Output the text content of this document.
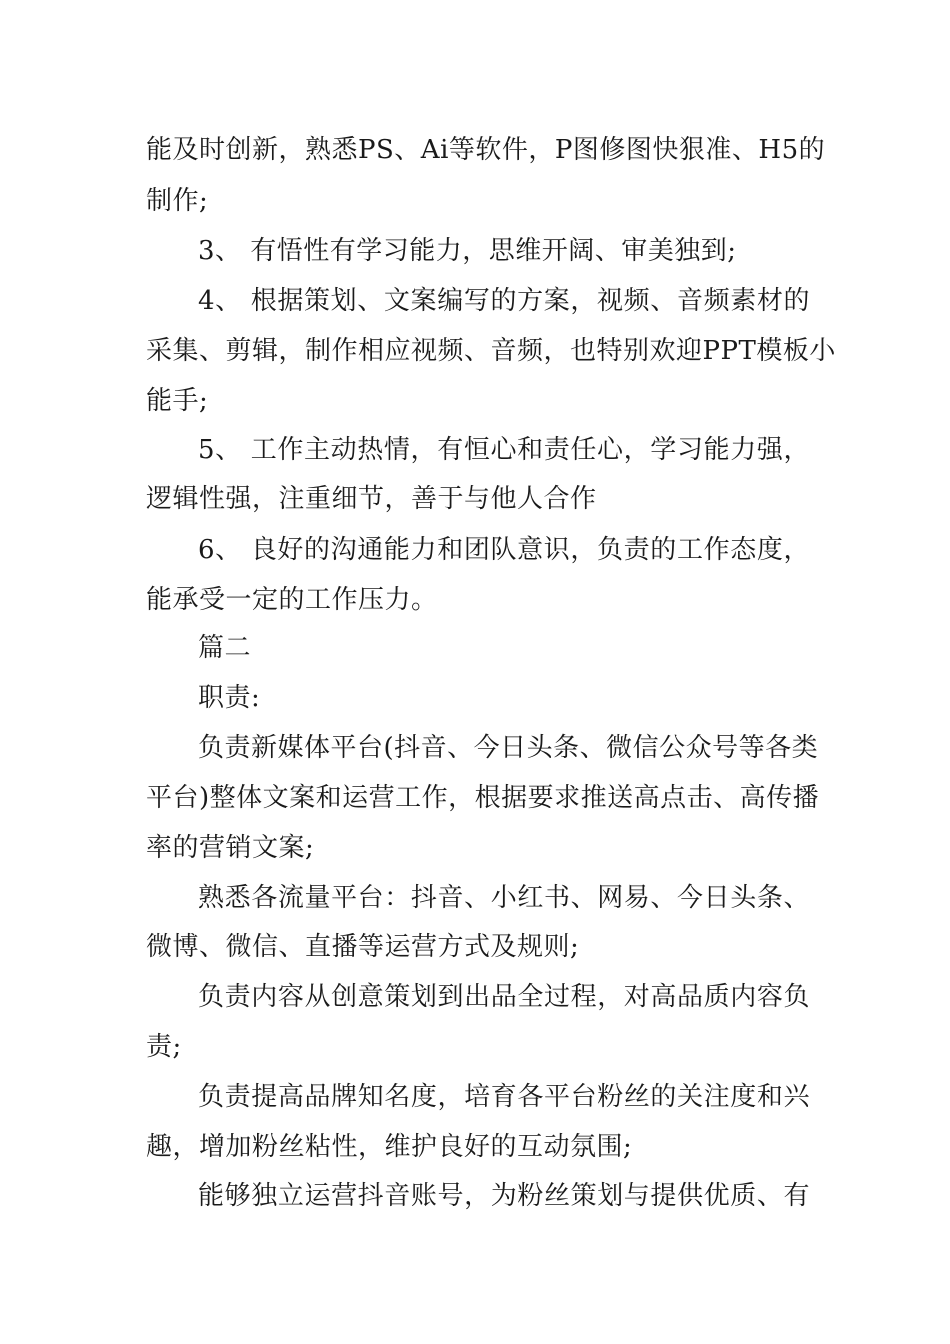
能及时创新，熟悉PS、Ai等软件，P图修图快狠准、H5的
制作;
3、 有悟性有学习能力，思维开阔、审美独到;
4、 根据策划、文案编写的方案，视频、音频素材的
采集、剪辑，制作相应视频、音频，也特别欢迎PPT模板小
能手;
5、 工作主动热情，有恒心和责任心，学习能力强，
逻辑性强，注重细节，善于与他人合作
6、 良好的沟通能力和团队意识，负责的工作态度，
能承受一定的工作压力。
篇二
职责:
负责新媒体平台(抖音、今日头条、微信公众号等各类
平台)整体文案和运营工作，根据要求推送高点击、高传播
率的营销文案;
熟悉各流量平台：抖音、小红书、网易、今日头条、
微博、微信、直播等运营方式及规则;
负责内容从创意策划到出品全过程，对高品质内容负
责;
负责提高品牌知名度，培育各平台粉丝的关注度和兴
趣，增加粉丝粘性，维护良好的互动氛围;
能够独立运营抖音账号，为粉丝策划与提供优质、有
